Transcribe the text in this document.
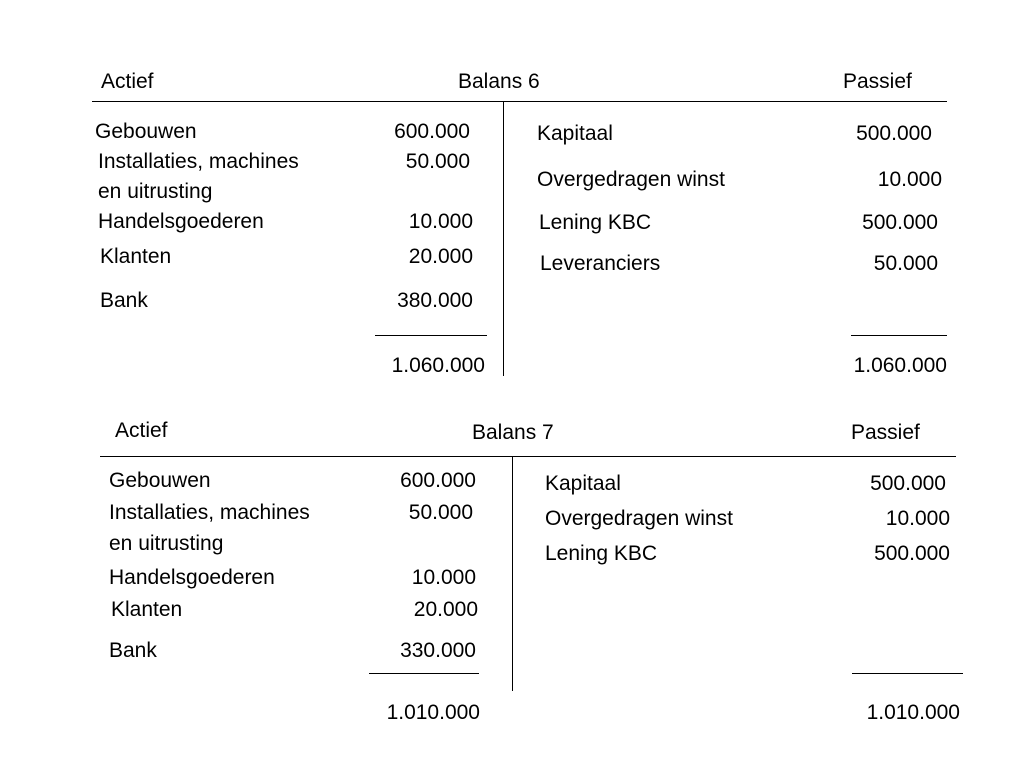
Actief	Balans 6	Passief
Gebouwen	600.000
Installaties, machines
en uitrusting
50.000
Handelsgoederen	10.000
Klanten	20.000
Bank	380.000
1.060.000
Kapitaal	500.000
Overgedragen winst	10.000
Lening KBC	500.000
Leveranciers	50.000
1.060.000
Actief	Balans 7	Passief
Gebouwen	600.000
Installaties, machines
en uitrusting
50.000
Handelsgoederen	10.000
Klanten	20.000
Bank	330.000
1.010.000
Kapitaal	500.000
Overgedragen winst	10.000
Lening KBC	500.000
1.010.000
